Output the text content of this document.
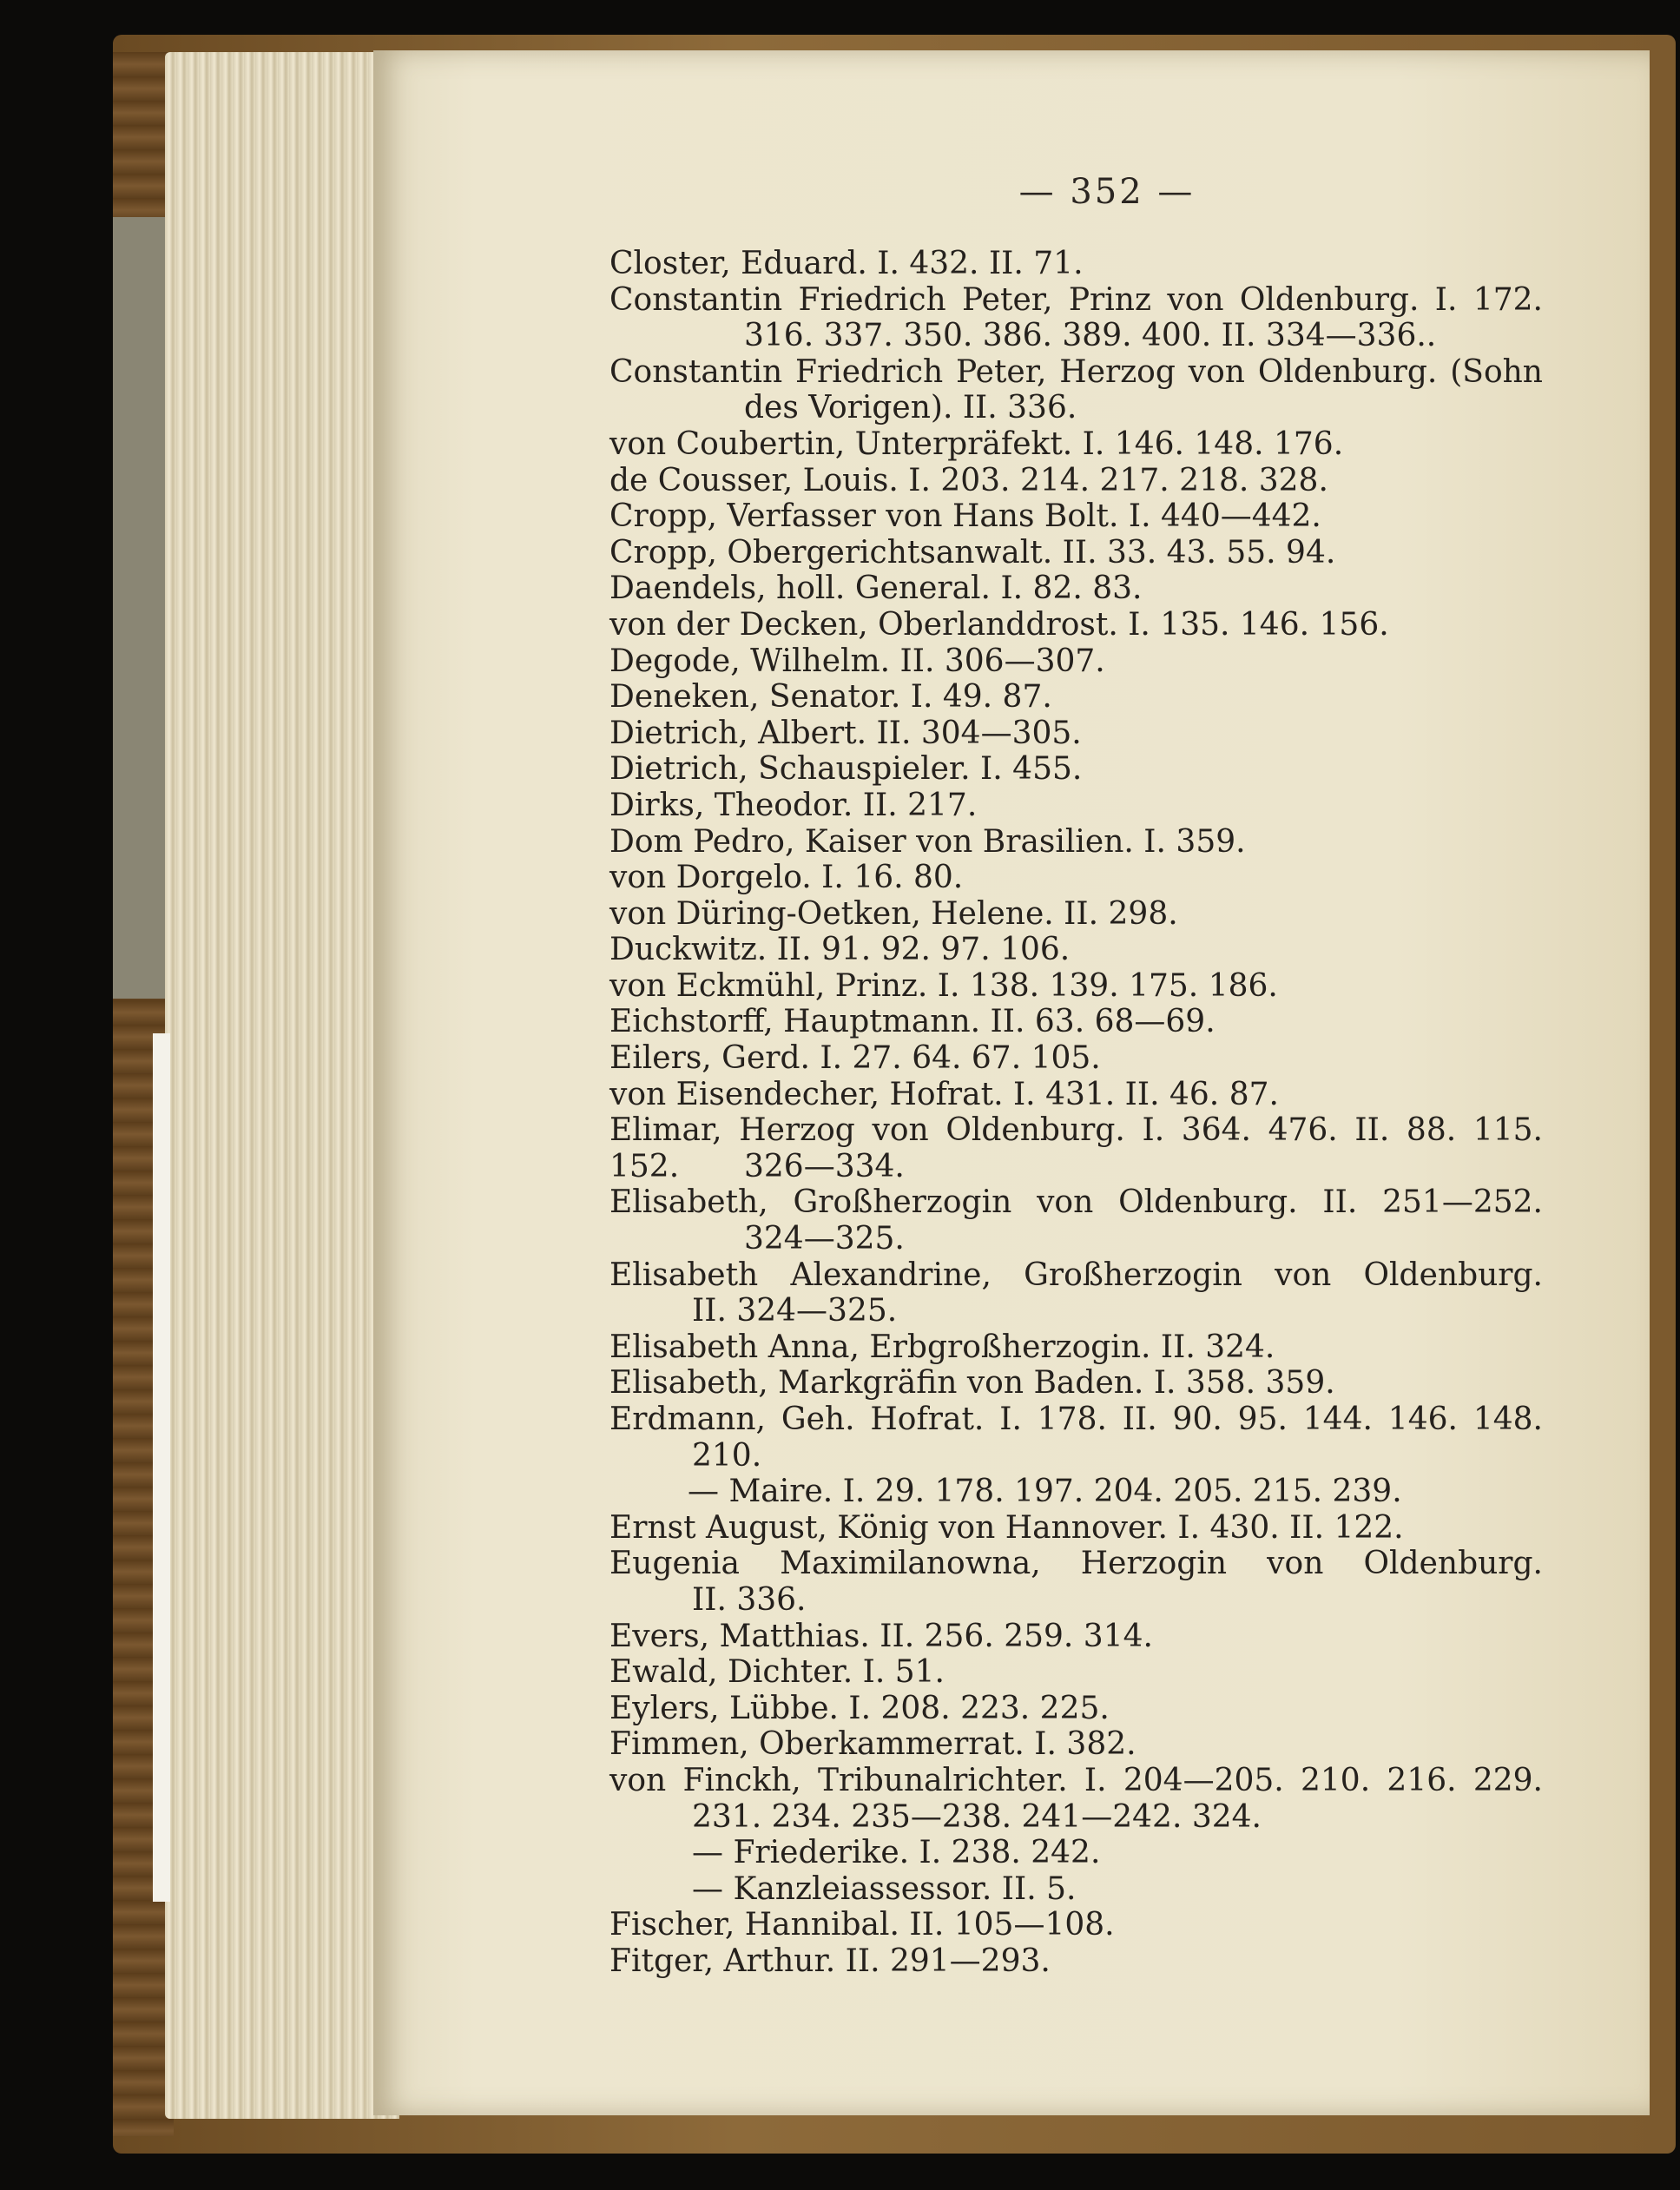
— 352 —
Closter, Eduard. I. 432. II. 71.
Constantin Friedrich Peter, Prinz von Oldenburg. I. 172.
316. 337. 350. 386. 389. 400. II. 334—336..
Constantin Friedrich Peter, Herzog von Oldenburg. (Sohn
des Vorigen). II. 336.
von Coubertin, Unterpräfekt. I. 146. 148. 176.
de Cousser, Louis. I. 203. 214. 217. 218. 328.
Cropp, Verfasser von Hans Bolt. I. 440—442.
Cropp, Obergerichtsanwalt. II. 33. 43. 55. 94.
Daendels, holl. General. I. 82. 83.
von der Decken, Oberlanddrost. I. 135. 146. 156.
Degode, Wilhelm. II. 306—307.
Deneken, Senator. I. 49. 87.
Dietrich, Albert. II. 304—305.
Dietrich, Schauspieler. I. 455.
Dirks, Theodor. II. 217.
Dom Pedro, Kaiser von Brasilien. I. 359.
von Dorgelo. I. 16. 80.
von Düring-Oetken, Helene. II. 298.
Duckwitz. II. 91. 92. 97. 106.
von Eckmühl, Prinz. I. 138. 139. 175. 186.
Eichstorff, Hauptmann. II. 63. 68—69.
Eilers, Gerd. I. 27. 64. 67. 105.
von Eisendecher, Hofrat. I. 431. II. 46. 87.
Elimar, Herzog von Oldenburg. I. 364. 476. II. 88. 115. 152.	326—334.
Elisabeth, Großherzogin von Oldenburg. II. 251—252.
324—325.
Elisabeth Alexandrine, Großherzogin von Oldenburg.
II. 324—325.
Elisabeth Anna, Erbgroßherzogin. II. 324.
Elisabeth, Markgräfin von Baden. I. 358. 359.
Erdmann, Geh. Hofrat. I. 178. II. 90. 95. 144. 146. 148.
210.
— Maire. I. 29. 178. 197. 204. 205. 215. 239.
Ernst August, König von Hannover. I. 430. II. 122.
Eugenia Maximilanowna, Herzogin von Oldenburg.
II. 336.
Evers, Matthias. II. 256. 259. 314.
Ewald, Dichter. I. 51.
Eylers, Lübbe. I. 208. 223. 225.
Fimmen, Oberkammerrat. I. 382.
von Finckh, Tribunalrichter. I. 204—205. 210. 216. 229.
231. 234. 235—238. 241—242. 324.
— Friederike. I. 238. 242.
— Kanzleiassessor. II. 5.
Fischer, Hannibal. II. 105—108.
Fitger, Arthur. II. 291—293.
